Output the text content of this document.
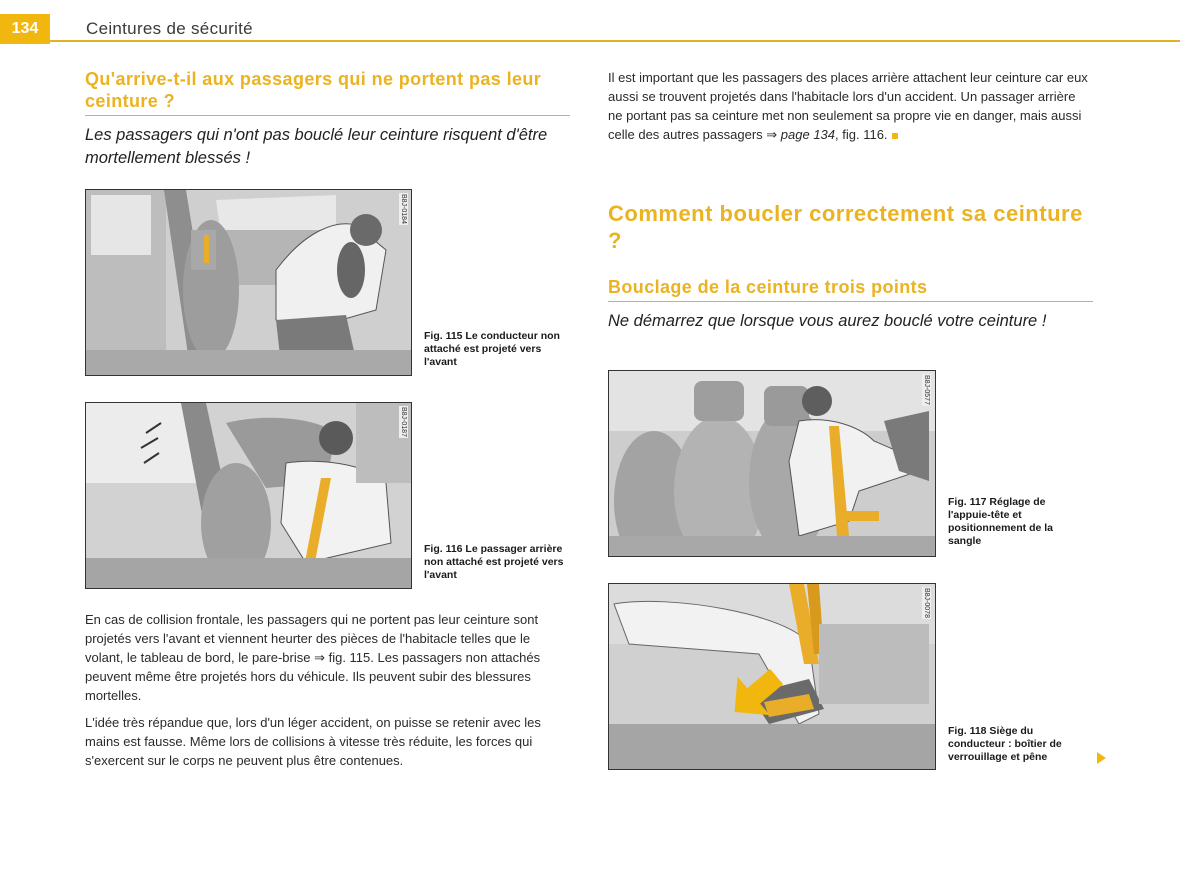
134	Ceintures de sécurité
Qu'arrive-t-il aux passagers qui ne portent pas leur ceinture ?

Les passagers qui n'ont pas bouclé leur ceinture risquent d'être mortellement blessés !

B8J-0184
Fig. 115 Le conducteur non attaché est projeté vers l'avant
B8J-0187
Fig. 116 Le passager arrière non attaché est projeté vers l'avant

En cas de collision frontale, les passagers qui ne portent pas leur ceinture sont projetés vers l'avant et viennent heurter des pièces de l'habitacle telles que le volant, le tableau de bord, le pare-brise ⇒ fig. 115. Les passagers non attachés peuvent même être projetés hors du véhicule. Ils peuvent subir des blessures mortelles.

L'idée très répandue que, lors d'un léger accident, on puisse se retenir avec les mains est fausse. Même lors de collisions à vitesse très réduite, les forces qui s'exercent sur le corps ne peuvent plus être contenues.

Il est important que les passagers des places arrière attachent leur ceinture car eux aussi se trouvent projetés dans l'habitacle lors d'un accident. Un passager arrière ne portant pas sa ceinture met non seulement sa propre vie en danger, mais aussi celle des autres passagers ⇒ page 134, fig. 116.

Comment boucler correctement sa ceinture ?
Bouclage de la ceinture trois points

Ne démarrez que lorsque vous aurez bouclé votre ceinture !

B8J-0577
Fig. 117 Réglage de l'appuie-tête et positionnement de la sangle
B8J-0078
Fig. 118 Siège du conducteur : boîtier de verrouillage et pêne
